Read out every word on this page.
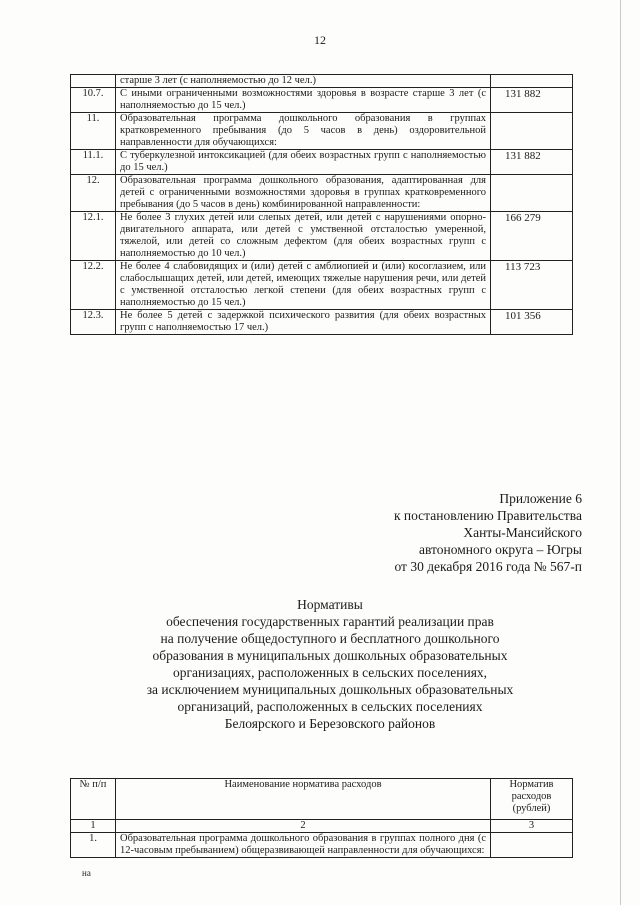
12
	старше 3 лет (с наполняемостью до 12 чел.)	
10.7.	С иными ограниченными возможностями здоровья в возрасте старше 3 лет (с наполняемостью до 15 чел.)	131 882
11.	Образовательная программа дошкольного образования в группах кратковременного пребывания (до 5 часов в день) оздоровительной направленности для обучающихся:	
11.1.	С туберкулезной интоксикацией (для обеих возрастных групп с наполняемостью до 15 чел.)	131 882
12.	Образовательная программа дошкольного образования, адаптированная для детей с ограниченными возможностями здоровья в группах кратковременного пребывания (до 5 часов в день) комбинированной направленности:	
12.1.	Не более 3 глухих детей или слепых детей, или детей с нарушениями опорно-двигательного аппарата, или детей с умственной отсталостью умеренной, тяжелой, или детей со сложным дефектом (для обеих возрастных групп с наполняемостью до 10 чел.)	166 279
12.2.	Не более 4 слабовидящих и (или) детей с амблиопией и (или) косоглазием, или слабослышащих детей, или детей, имеющих тяжелые нарушения речи, или детей с умственной отсталостью легкой степени (для обеих возрастных групп с наполняемостью до 15 чел.)	113 723
12.3.	Не более 5 детей с задержкой психического развития (для обеих возрастных групп с наполняемостью 17 чел.)	101 356
Приложение 6
к постановлению Правительства
Ханты-Мансийского
автономного округа – Югры
от 30 декабря 2016 года № 567-п
Нормативы
обеспечения государственных гарантий реализации прав
на получение общедоступного и бесплатного дошкольного
образования в муниципальных дошкольных образовательных
организациях, расположенных в сельских поселениях,
за исключением муниципальных дошкольных образовательных
организаций, расположенных в сельских поселениях
Белоярского и Березовского районов
№ п/п	Наименование норматива расходов	Норматив расходов (рублей)
1	2	3
1.	Образовательная программа дошкольного образования в группах полного дня (с 12-часовым пребыванием) общеразвивающей направленности для обучающихся:	
на
